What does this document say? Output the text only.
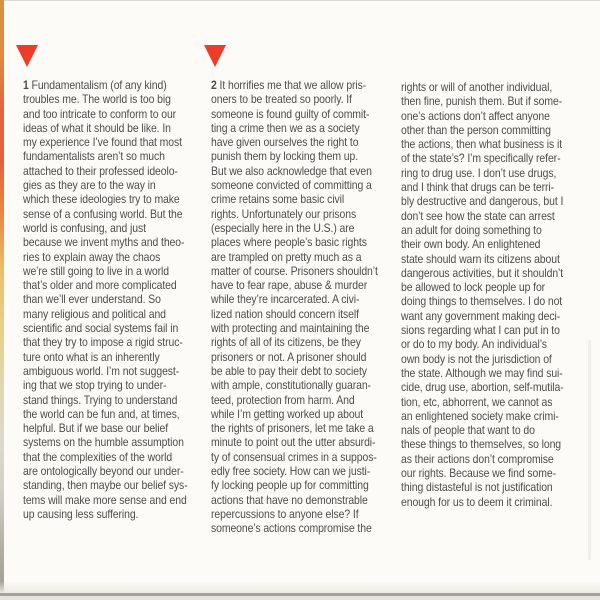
1 Fundamentalism (of any kind)
troubles me. The world is too big
and too intricate to conform to our
ideas of what it should be like. In
my experience I’ve found that most
fundamentalists aren’t so much
attached to their professed ideolo-
gies as they are to the way in
which these ideologies try to make
sense of a confusing world. But the
world is confusing, and just
because we invent myths and theo-
ries to explain away the chaos
we’re still going to live in a world
that’s older and more complicated
than we’ll ever understand. So
many religious and political and
scientific and social systems fail in
that they try to impose a rigid struc-
ture onto what is an inherently
ambiguous world. I’m not suggest-
ing that we stop trying to under-
stand things. Trying to understand
the world can be fun and, at times,
helpful. But if we base our belief
systems on the humble assumption
that the complexities of the world
are ontologically beyond our under-
standing, then maybe our belief sys-
tems will make more sense and end
up causing less suffering.
2 It horrifies me that we allow pris-
oners to be treated so poorly. If
someone is found guilty of commit-
ting a crime then we as a society
have given ourselves the right to
punish them by locking them up.
But we also acknowledge that even
someone convicted of committing a
crime retains some basic civil
rights. Unfortunately our prisons
(especially here in the U.S.) are
places where people’s basic rights
are trampled on pretty much as a
matter of course. Prisoners shouldn’t
have to fear rape, abuse & murder
while they’re incarcerated. A civi-
lized nation should concern itself
with protecting and maintaining the
rights of all of its citizens, be they
prisoners or not. A prisoner should
be able to pay their debt to society
with ample, constitutionally guaran-
teed, protection from harm. And
while I’m getting worked up about
the rights of prisoners, let me take a
minute to point out the utter absurdi-
ty of consensual crimes in a suppos-
edly free society. How can we justi-
fy locking people up for committing
actions that have no demonstrable
repercussions to anyone else? If
someone’s actions compromise the
rights or will of another individual,
then fine, punish them. But if some-
one’s actions don’t affect anyone
other than the person committing
the actions, then what business is it
of the state’s? I’m specifically refer-
ring to drug use. I don’t use drugs,
and I think that drugs can be terri-
bly destructive and dangerous, but I
don’t see how the state can arrest
an adult for doing something to
their own body. An enlightened
state should warn its citizens about
dangerous activities, but it shouldn’t
be allowed to lock people up for
doing things to themselves. I do not
want any government making deci-
sions regarding what I can put in to
or do to my body. An individual’s
own body is not the jurisdiction of
the state. Although we may find sui-
cide, drug use, abortion, self-mutila-
tion, etc, abhorrent, we cannot as
an enlightened society make crimi-
nals of people that want to do
these things to themselves, so long
as their actions don’t compromise
our rights. Because we find some-
thing distasteful is not justification
enough for us to deem it criminal.
